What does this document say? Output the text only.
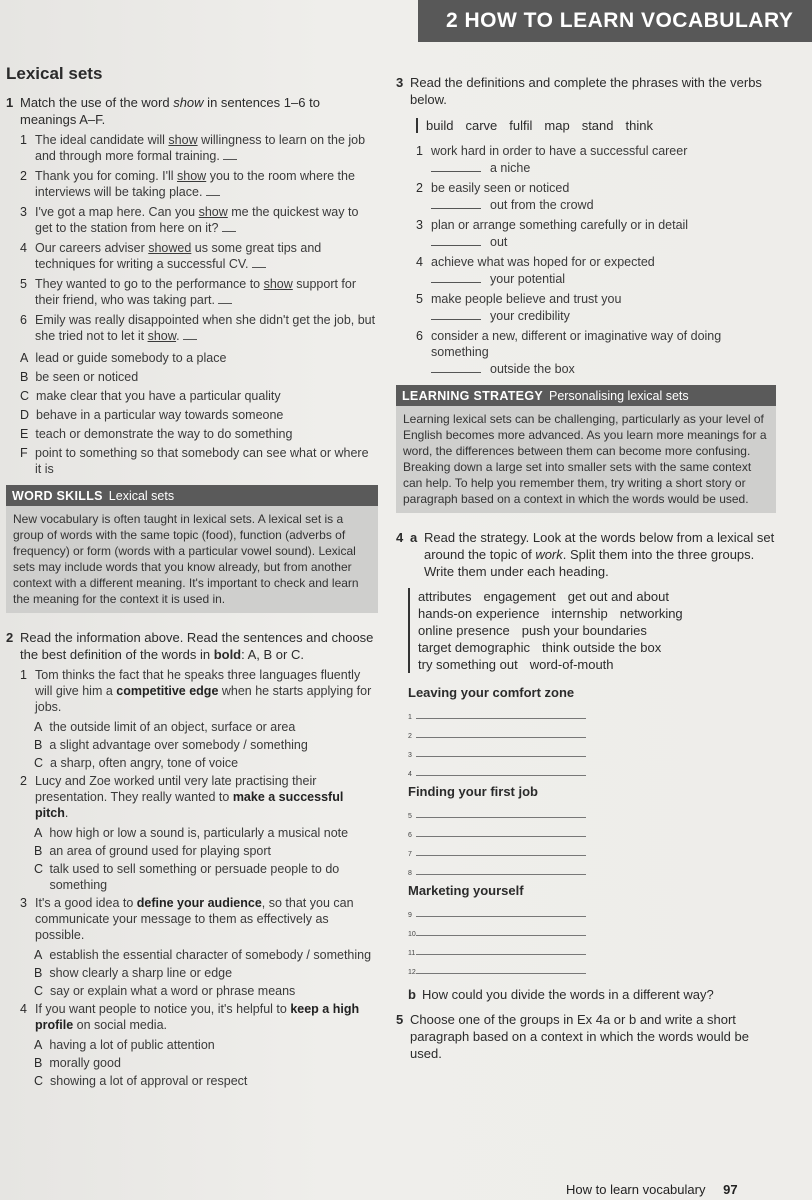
2 HOW TO LEARN VOCABULARY
Lexical sets
1 Match the use of the word show in sentences 1–6 to meanings A–F.
1 The ideal candidate will show willingness to learn on the job and through more formal training.
2 Thank you for coming. I'll show you to the room where the interviews will be taking place.
3 I've got a map here. Can you show me the quickest way to get to the station from here on it?
4 Our careers adviser showed us some great tips and techniques for writing a successful CV.
5 They wanted to go to the performance to show support for their friend, who was taking part.
6 Emily was really disappointed when she didn't get the job, but she tried not to let it show.
A lead or guide somebody to a place
B be seen or noticed
C make clear that you have a particular quality
D behave in a particular way towards someone
E teach or demonstrate the way to do something
F point to something so that somebody can see what or where it is
WORD SKILLS Lexical sets
New vocabulary is often taught in lexical sets. A lexical set is a group of words with the same topic (food), function (adverbs of frequency) or form (words with a particular vowel sound). Lexical sets may include words that you know already, but from another context with a different meaning. It's important to check and learn the meaning for the context it is used in.
2 Read the information above. Read the sentences and choose the best definition of the words in bold: A, B or C.
1 Tom thinks the fact that he speaks three languages fluently will give him a competitive edge when he starts applying for jobs.
A the outside limit of an object, surface or area
B a slight advantage over somebody / something
C a sharp, often angry, tone of voice
2 Lucy and Zoe worked until very late practising their presentation. They really wanted to make a successful pitch.
A how high or low a sound is, particularly a musical note
B an area of ground used for playing sport
C talk used to sell something or persuade people to do something
3 It's a good idea to define your audience, so that you can communicate your message to them as effectively as possible.
A establish the essential character of somebody / something
B show clearly a sharp line or edge
C say or explain what a word or phrase means
4 If you want people to notice you, it's helpful to keep a high profile on social media.
A having a lot of public attention
B morally good
C showing a lot of approval or respect
3 Read the definitions and complete the phrases with the verbs below.
build carve fulfil map stand think
1 work hard in order to have a successful career
a niche
2 be easily seen or noticed
out from the crowd
3 plan or arrange something carefully or in detail
out
4 achieve what was hoped for or expected
your potential
5 make people believe and trust you
your credibility
6 consider a new, different or imaginative way of doing something
outside the box
LEARNING STRATEGY Personalising lexical sets
Learning lexical sets can be challenging, particularly as your level of English becomes more advanced. As you learn more meanings for a word, the differences between them can become more confusing. Breaking down a large set into smaller sets with the same context can help. To help you remember them, try writing a short story or paragraph based on a context in which the words would be used.
4 a Read the strategy. Look at the words below from a lexical set around the topic of work. Split them into the three groups. Write them under each heading.
attributes engagement get out and about
hands-on experience internship networking
online presence push your boundaries
target demographic think outside the box
try something out word-of-mouth
Leaving your comfort zone
1
2
3
4
Finding your first job
5
6
7
8
Marketing yourself
9
10
11
12
b How could you divide the words in a different way?
5 Choose one of the groups in Ex 4a or b and write a short paragraph based on a context in which the words would be used.
How to learn vocabulary 97
